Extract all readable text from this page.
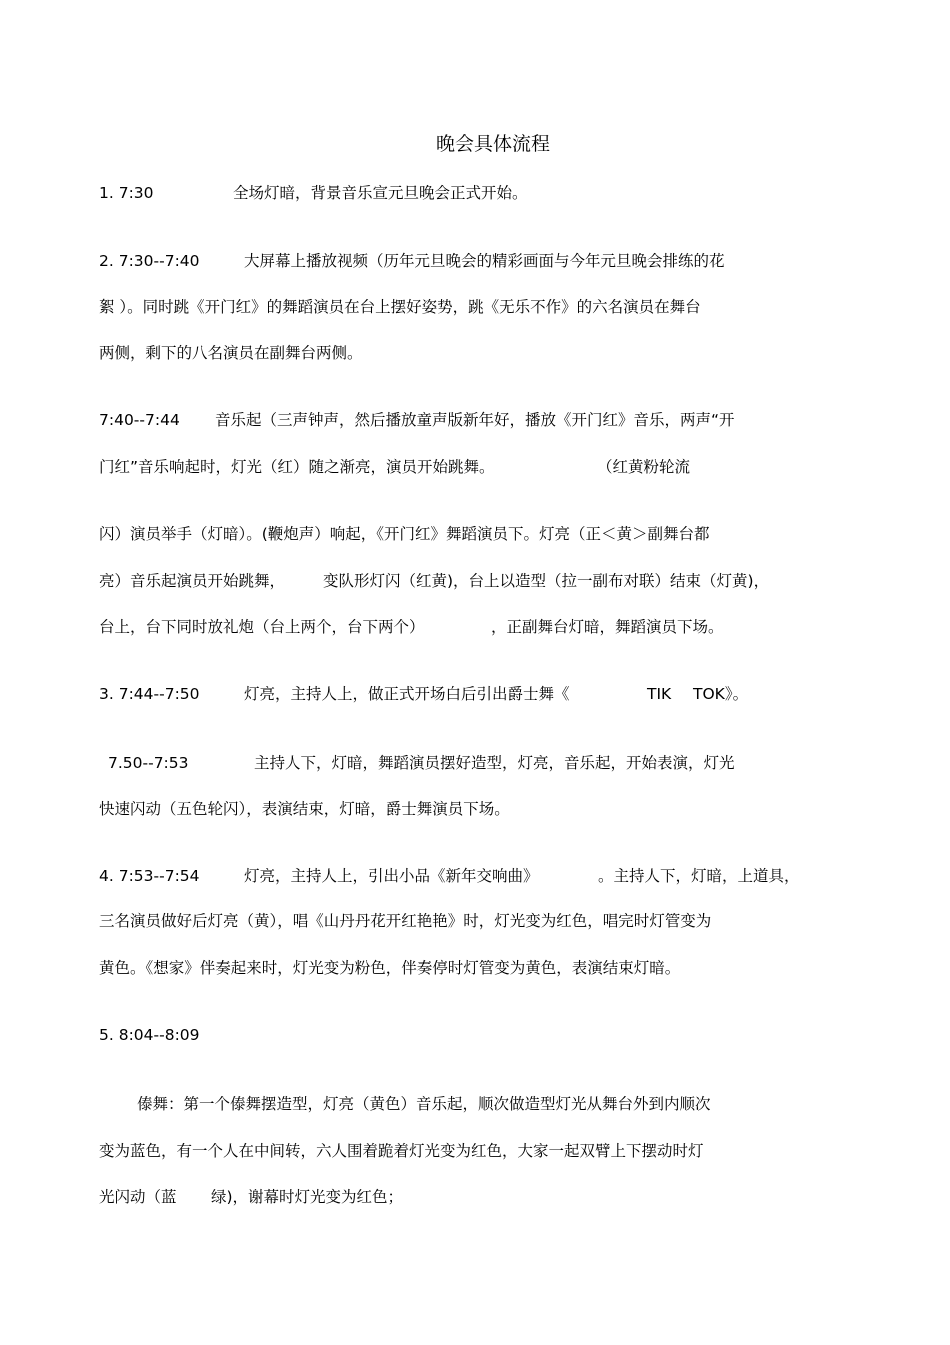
晚会具体流程
1. 7:30	全场灯暗，背景音乐宣元旦晚会正式开始。
2. 7:30--7:40	大屏幕上播放视频（历年元旦晚会的精彩画面与今年元旦晚会排练的花
絮 ）。同时跳《开门红》的舞蹈演员在台上摆好姿势，跳《无乐不作》的六名演员在舞台
两侧，剩下的八名演员在副舞台两侧。
7:40--7:44 音乐起（三声钟声，然后播放童声版新年好，播放《开门红》音乐，两声“开
门红”音乐响起时，灯光（红）随之渐亮，演员开始跳舞。	（红黄粉轮流
闪）演员举手（灯暗）。(鞭炮声）响起，《开门红》舞蹈演员下。灯亮（正＜黄＞副舞台都
亮）音乐起演员开始跳舞， 变队形灯闪（红黄)，台上以造型（拉一副布对联）结束（灯黄)，
台上，台下同时放礼炮（台上两个，台下两个）	，正副舞台灯暗，舞蹈演员下场。
3. 7:44--7:50	灯亮，主持人上，做正式开场白后引出爵士舞《	TIK TOK》。
7.50--7:53	主持人下，灯暗，舞蹈演员摆好造型，灯亮，音乐起，开始表演，灯光
快速闪动（五色轮闪），表演结束，灯暗，爵士舞演员下场。
4. 7:53--7:54	灯亮，主持人上，引出小品《新年交响曲》	。主持人下，灯暗，上道具，
三名演员做好后灯亮（黄），唱《山丹丹花开红艳艳》时，灯光变为红色，唱完时灯管变为
黄色。《想家》伴奏起来时，灯光变为粉色，伴奏停时灯管变为黄色，表演结束灯暗。
5. 8:04--8:09
傣舞：第一个傣舞摆造型，灯亮（黄色）音乐起，顺次做造型灯光从舞台外到内顺次
变为蓝色，有一个人在中间转，六人围着跪着灯光变为红色，大家一起双臂上下摆动时灯
光闪动（蓝 绿)，谢幕时灯光变为红色；
